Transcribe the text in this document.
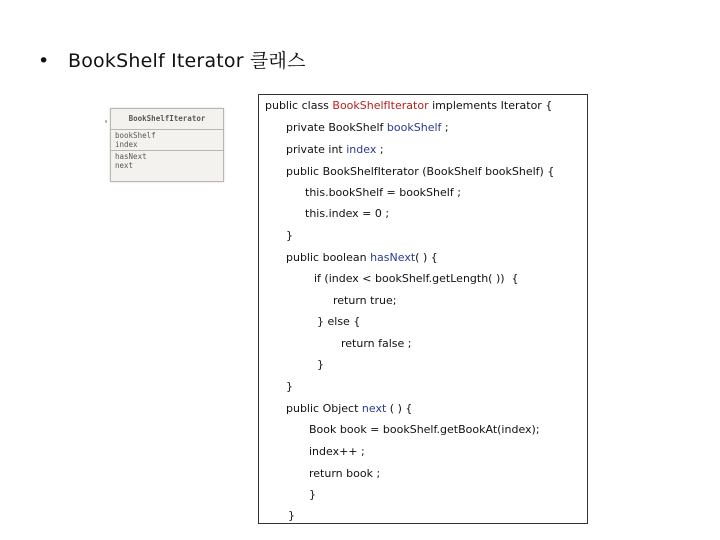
• BookShelf Iterator 클래스
BookShelfIterator
bookShelf
index
hasNext
next
public class BookShelfIterator implements Iterator {
private BookShelf bookShelf ;
private int index ;
public BookShelfIterator (BookShelf bookShelf) {
this.bookShelf = bookShelf ;
this.index = 0 ;
}
public boolean hasNext( ) {
if (index < bookShelf.getLength( ))  {
return true;
} else {
return false ;
}
}
public Object next ( ) {
Book book = bookShelf.getBookAt(index);
index++ ;
return book ;
}
}
